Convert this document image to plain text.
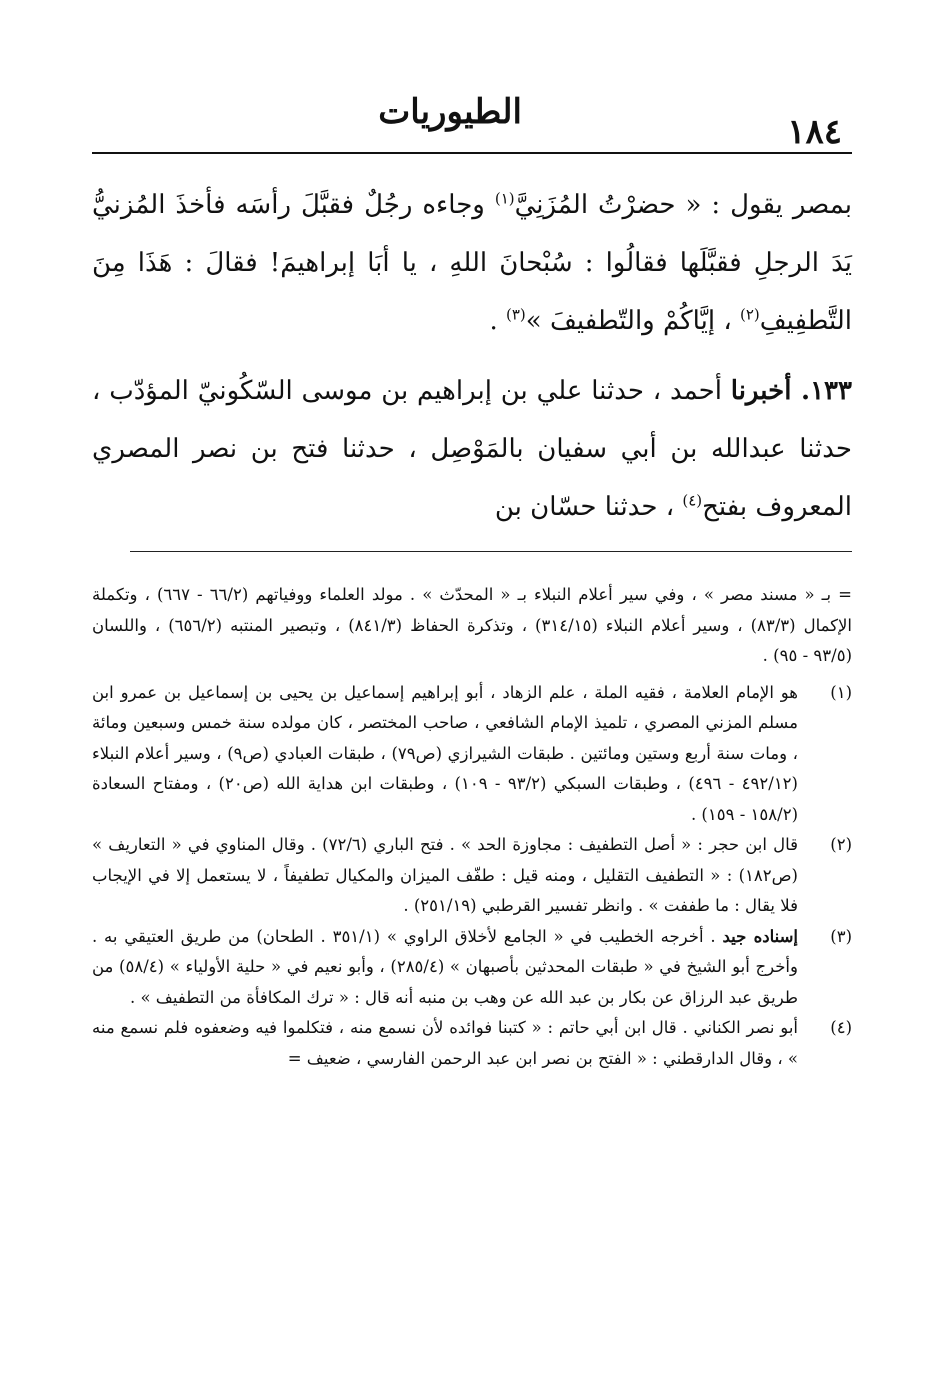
الطيوريات	١٨٤

بمصر يقول : « حضرْتُ المُزَنِيَّ$^{(١)}$ وجاءه رجُلٌ فقبَّلَ رأسَه فأخذَ المُزنيُّ يَدَ الرجلِ فقبَّلَها فقالُوا : سُبْحانَ اللهِ ، يا أبَا إبراهيمَ! فقالَ : هَذَا مِنَ التَّطفِيفِ$^{(٢)}$ ، إيَّاكُمْ والتّطفيفَ »$^{(٣)}$ .

١٣٣. أخبرنا أحمد ، حدثنا علي بن إبراهيم بن موسى السّكُونيّ المؤدّب ، حدثنا عبدالله بن أبي سفيان بالمَوْصِل ، حدثنا فتح بن نصر المصري المعروف بفتح$^{(٤)}$ ، حدثنا حسّان بن

= بـ « مسند مصر » ، وفي سير أعلام النبلاء بـ « المحدّث » . مولد العلماء ووفياتهم (٦٦/٢ - ٦٦٧) ، وتكملة الإكمال (٨٣/٣) ، وسير أعلام النبلاء (٣١٤/١٥) ، وتذكرة الحفاظ (٨٤١/٣) ، وتبصير المنتبه (٦٥٦/٢) ، واللسان (٩٣/٥ - ٩٥) .

(١)
هو الإمام العلامة ، فقيه الملة ، علم الزهاد ، أبو إبراهيم إسماعيل بن يحيى بن إسماعيل بن عمرو ابن مسلم المزني المصري ، تلميذ الإمام الشافعي ، صاحب المختصر ، كان مولده سنة خمس وسبعين ومائة ، ومات سنة أربع وستين ومائتين . طبقات الشيرازي (ص٧٩) ، طبقات العبادي (ص٩) ، وسير أعلام النبلاء (٤٩٢/١٢ - ٤٩٦) ، وطبقات السبكي (٩٣/٢ - ١٠٩) ، وطبقات ابن هداية الله (ص٢٠) ، ومفتاح السعادة (١٥٨/٢ - ١٥٩) .
(٢)
قال ابن حجر : « أصل التطفيف : مجاوزة الحد » . فتح الباري (٧٢/٦) . وقال المناوي في « التعاريف » (ص١٨٢) : « التطفيف التقليل ، ومنه قيل : طفّف الميزان والمكيال تطفيفاً ، لا يستعمل إلا في الإيجاب فلا يقال : ما طففت » . وانظر تفسير القرطبي (٢٥١/١٩) .
(٣)
إسناده جيد . أخرجه الخطيب في « الجامع لأخلاق الراوي » (٣٥١/١ . الطحان) من طريق العتيقي به . وأخرج أبو الشيخ في « طبقات المحدثين بأصبهان » (٢٨٥/٤) ، وأبو نعيم في « حلية الأولياء » (٥٨/٤) من طريق عبد الرزاق عن بكار بن عبد الله عن وهب بن منبه أنه قال : « ترك المكافأة من التطفيف » .
(٤)
أبو نصر الكناني . قال ابن أبي حاتم : « كتبنا فوائده لأن نسمع منه ، فتكلموا فيه وضعفوه فلم نسمع منه » ، وقال الدارقطني : « الفتح بن نصر ابن عبد الرحمن الفارسي ، ضعيف =
